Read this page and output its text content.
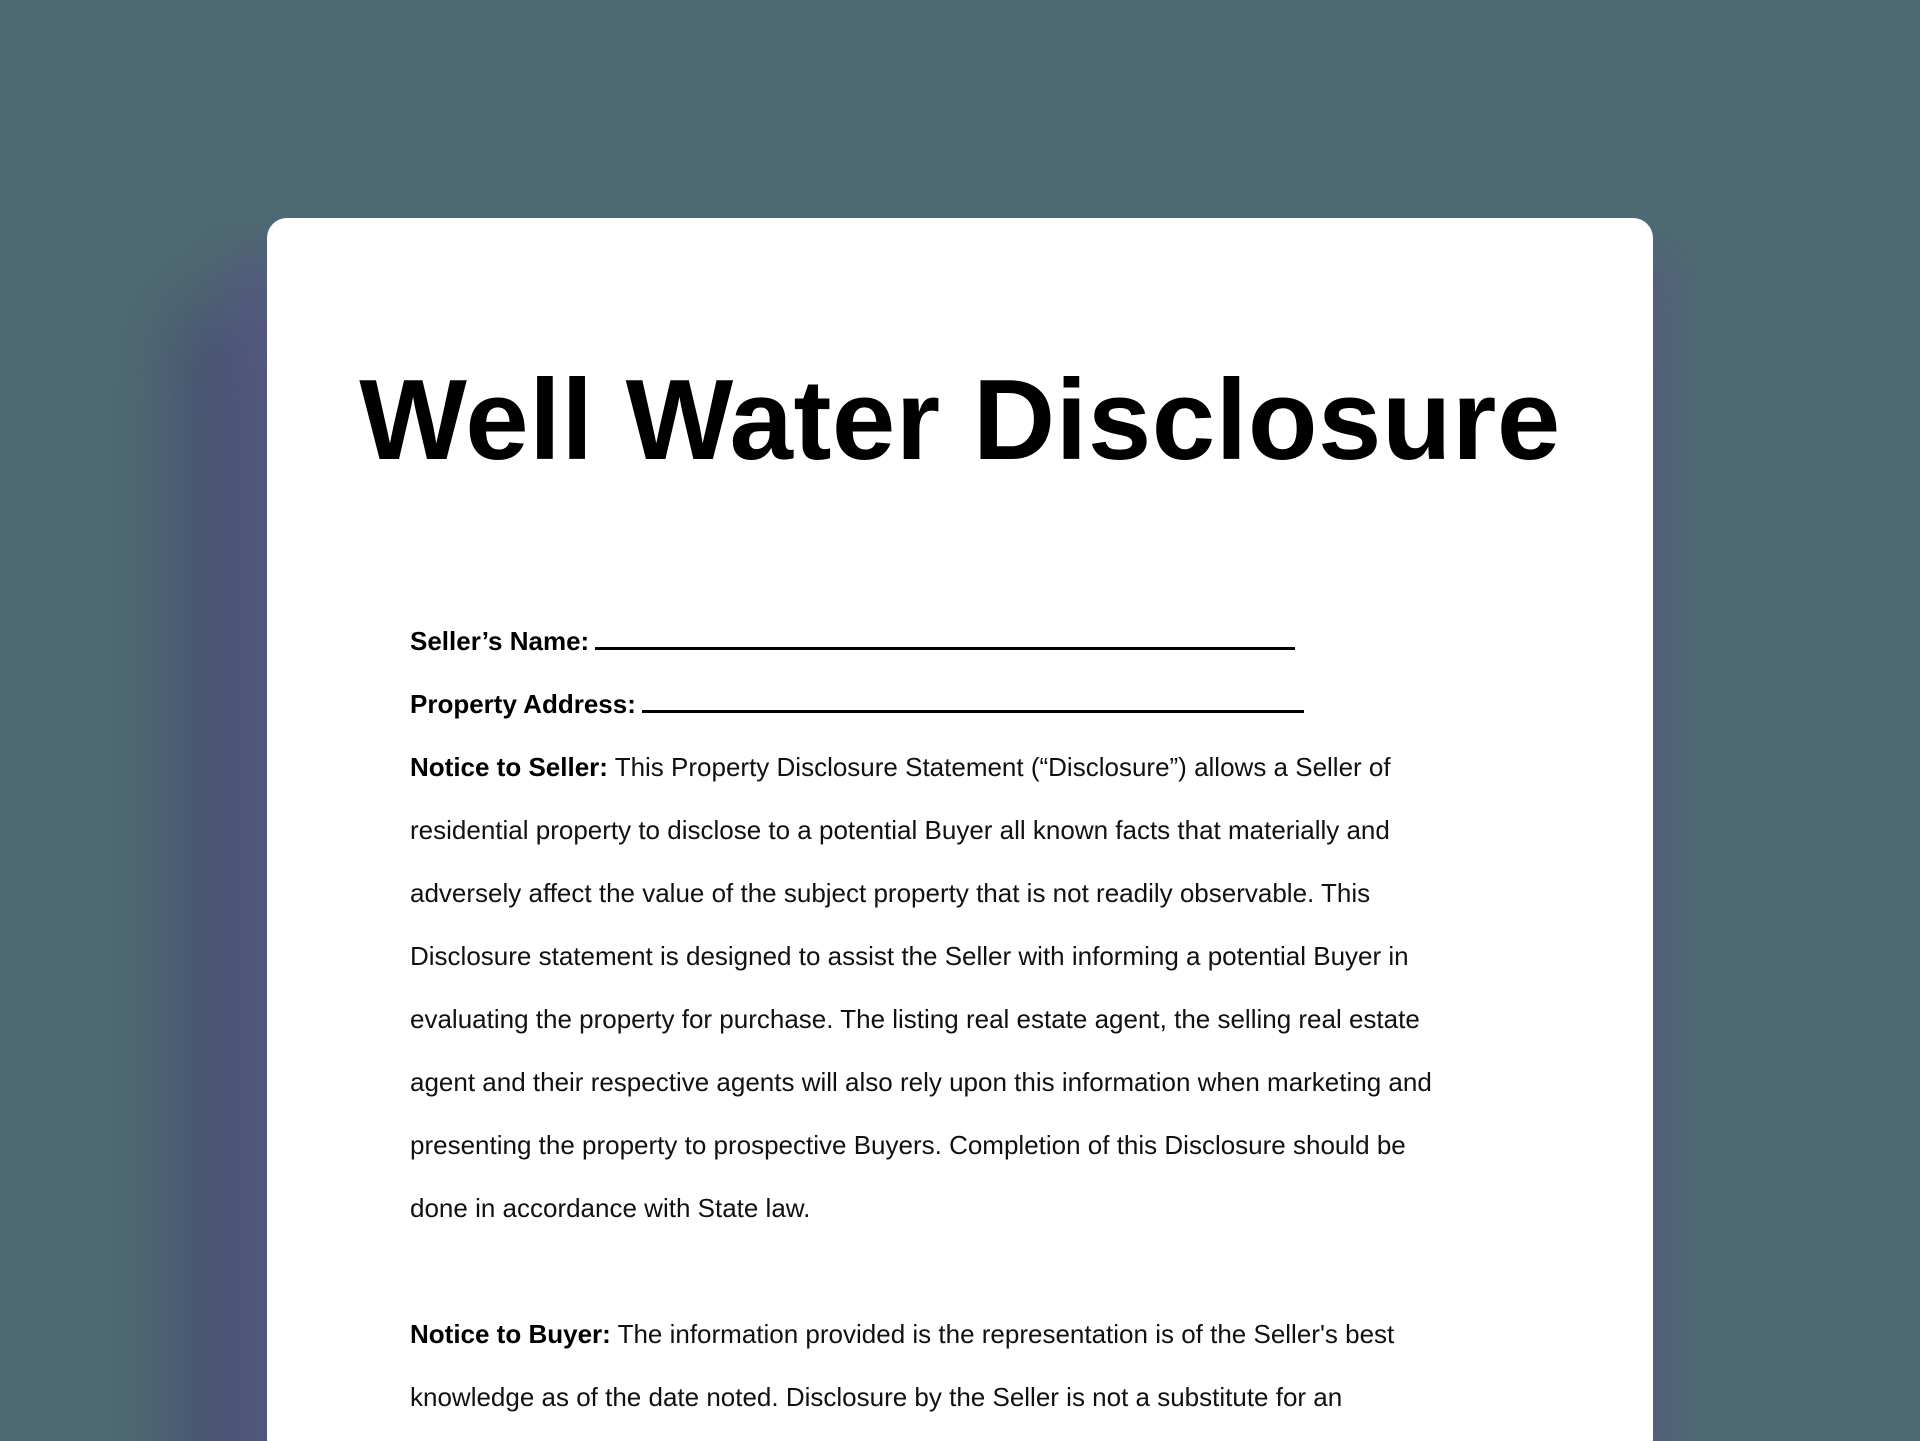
Well Water Disclosure
Seller’s Name:
Property Address:
Notice to Seller: This Property Disclosure Statement (“Disclosure”) allows a Seller of
residential property to disclose to a potential Buyer all known facts that materially and
adversely affect the value of the subject property that is not readily observable. This
Disclosure statement is designed to assist the Seller with informing a potential Buyer in
evaluating the property for purchase. The listing real estate agent, the selling real estate
agent and their respective agents will also rely upon this information when marketing and
presenting the property to prospective Buyers. Completion of this Disclosure should be
done in accordance with State law.
Notice to Buyer: The information provided is the representation is of the Seller's best
knowledge as of the date noted. Disclosure by the Seller is not a substitute for an
